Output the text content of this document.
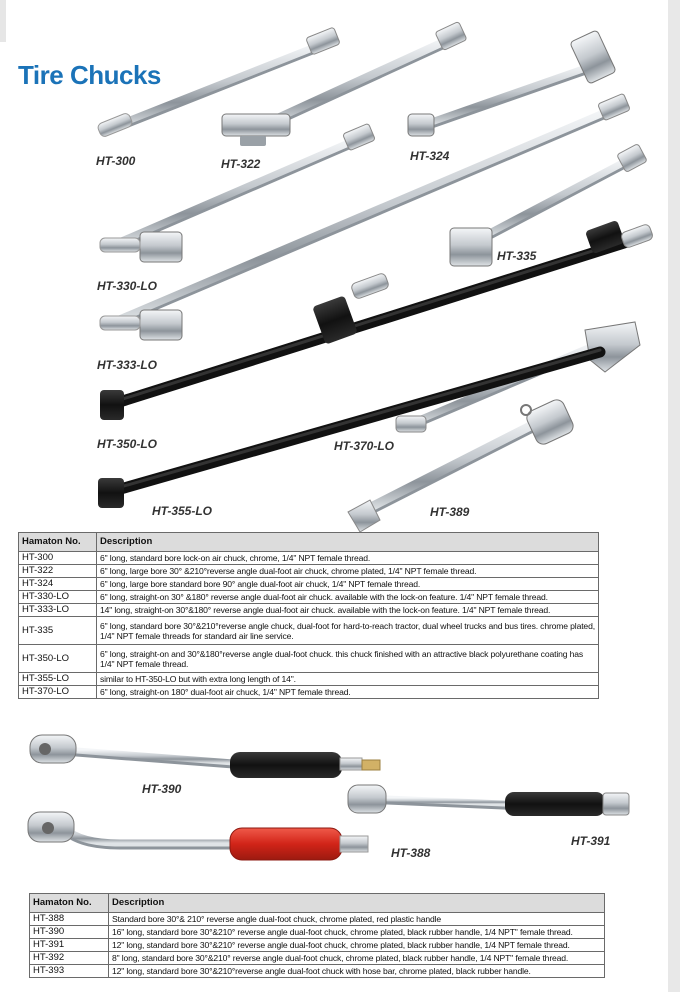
Tire Chucks
HT-300	HT-322
HT-324
HT-330-LO
HT-335
HT-333-LO
HT-350-LO	HT-370-LO
HT-355-LO	HT-389
Hamaton No.	Description
HT-300	6" long, standard bore lock-on air chuck, chrome, 1/4" NPT female thread.
HT-322	6" long, large bore 30° &210°reverse angle dual-foot air chuck, chrome plated, 1/4" NPT female thread.
HT-324	6" long, large bore standard bore 90° angle dual-foot air chuck, 1/4" NPT female thread.
HT-330-LO	6" long, straight-on 30° &180° reverse angle dual-foot air chuck. available with the lock-on feature. 1/4" NPT female thread.
HT-333-LO	14" long, straight-on 30°&180° reverse angle dual-foot air chuck. available with the lock-on feature. 1/4" NPT female thread.
HT-335	6" long, standard bore 30°&210°reverse angle chuck, dual-foot for hard-to-reach tractor, dual wheel trucks and bus tires. chrome plated, 1/4" NPT female threads for standard air line service.
HT-350-LO	6" long, straight-on and 30°&180°reverse angle dual-foot chuck. this chuck finished with an attractive black polyurethane coating has 1/4" NPT female thread.
HT-355-LO	similar to HT-350-LO but with extra long length of 14".
HT-370-LO	6" long, straight-on 180° dual-foot air chuck, 1/4" NPT female thread.
HT-390
HT-391
HT-388
Hamaton No.	Description
HT-388	Standard bore 30°& 210° reverse angle dual-foot chuck, chrome plated, red plastic handle
HT-390	16" long, standard bore 30°&210° reverse angle dual-foot chuck, chrome plated, black rubber handle, 1/4 NPT" female thread.
HT-391	12" long, standard bore 30°&210° reverse angle dual-foot chuck, chrome plated, black rubber handle, 1/4 NPT female thread.
HT-392	8" long, standard bore 30°&210° reverse angle dual-foot chuck, chrome plated, black rubber handle, 1/4 NPT" female thread.
HT-393	12" long, standard bore 30°&210°reverse angle dual-foot chuck with hose bar, chrome plated, black rubber handle.
